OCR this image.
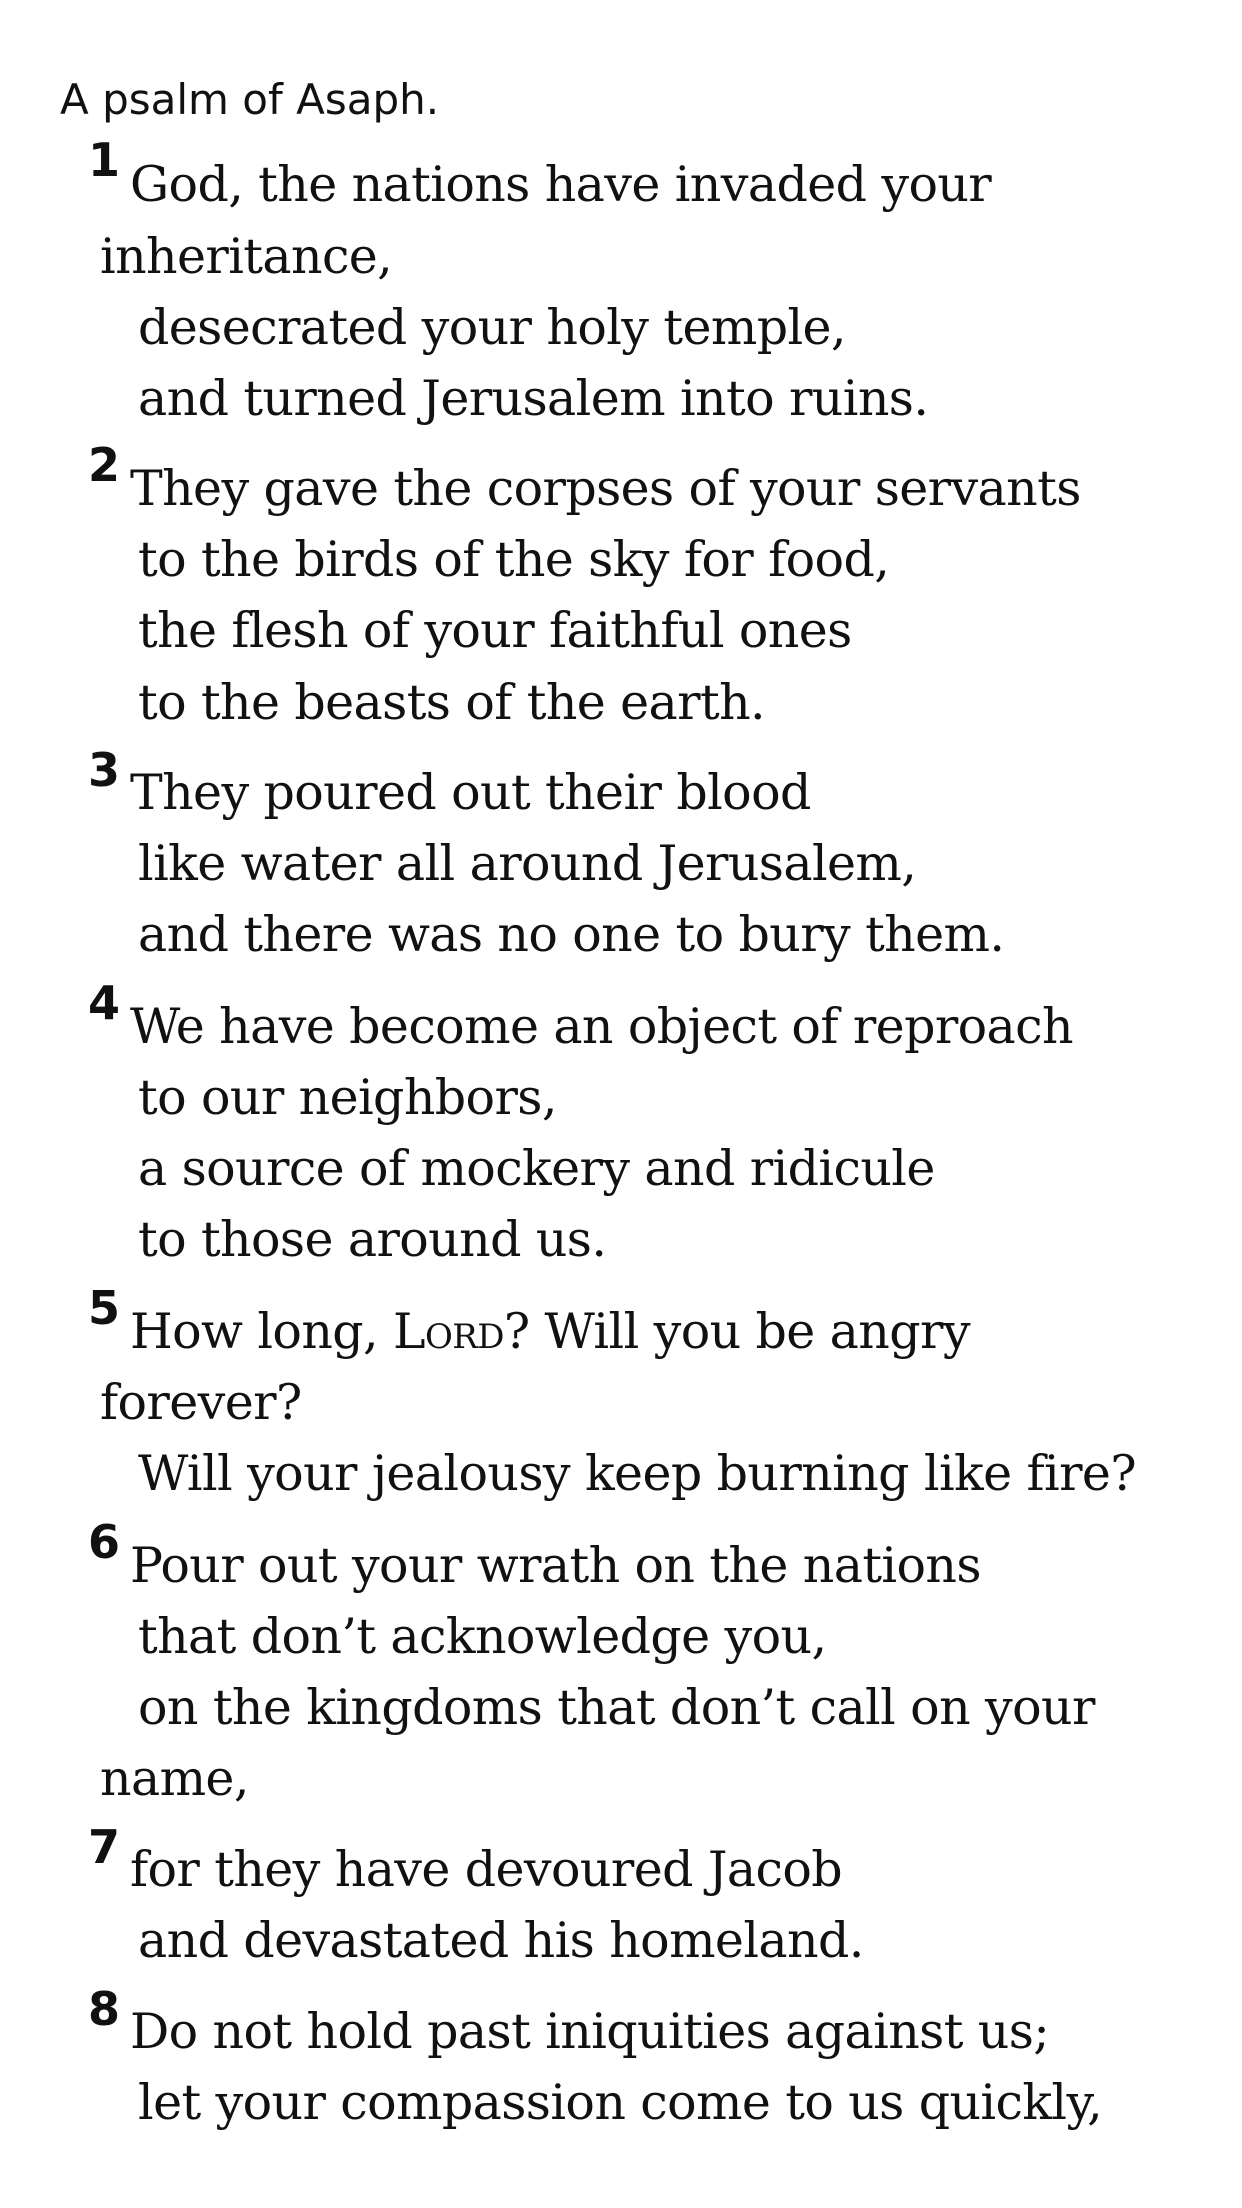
A psalm of Asaph.
1 God, the nations have invaded your
inheritance,
desecrated your holy temple,
and turned Jerusalem into ruins.
2 They gave the corpses of your servants
to the birds of the sky for food,
the flesh of your faithful ones
to the beasts of the earth.
3 They poured out their blood
like water all around Jerusalem,
and there was no one to bury them.
4 We have become an object of reproach
to our neighbors,
a source of mockery and ridicule
to those around us.
5 How long, Lord? Will you be angry
forever?
Will your jealousy keep burning like fire?
6 Pour out your wrath on the nations
that don’t acknowledge you,
on the kingdoms that don’t call on your
name,
7 for they have devoured Jacob
and devastated his homeland.
8 Do not hold past iniquities against us;
let your compassion come to us quickly,
